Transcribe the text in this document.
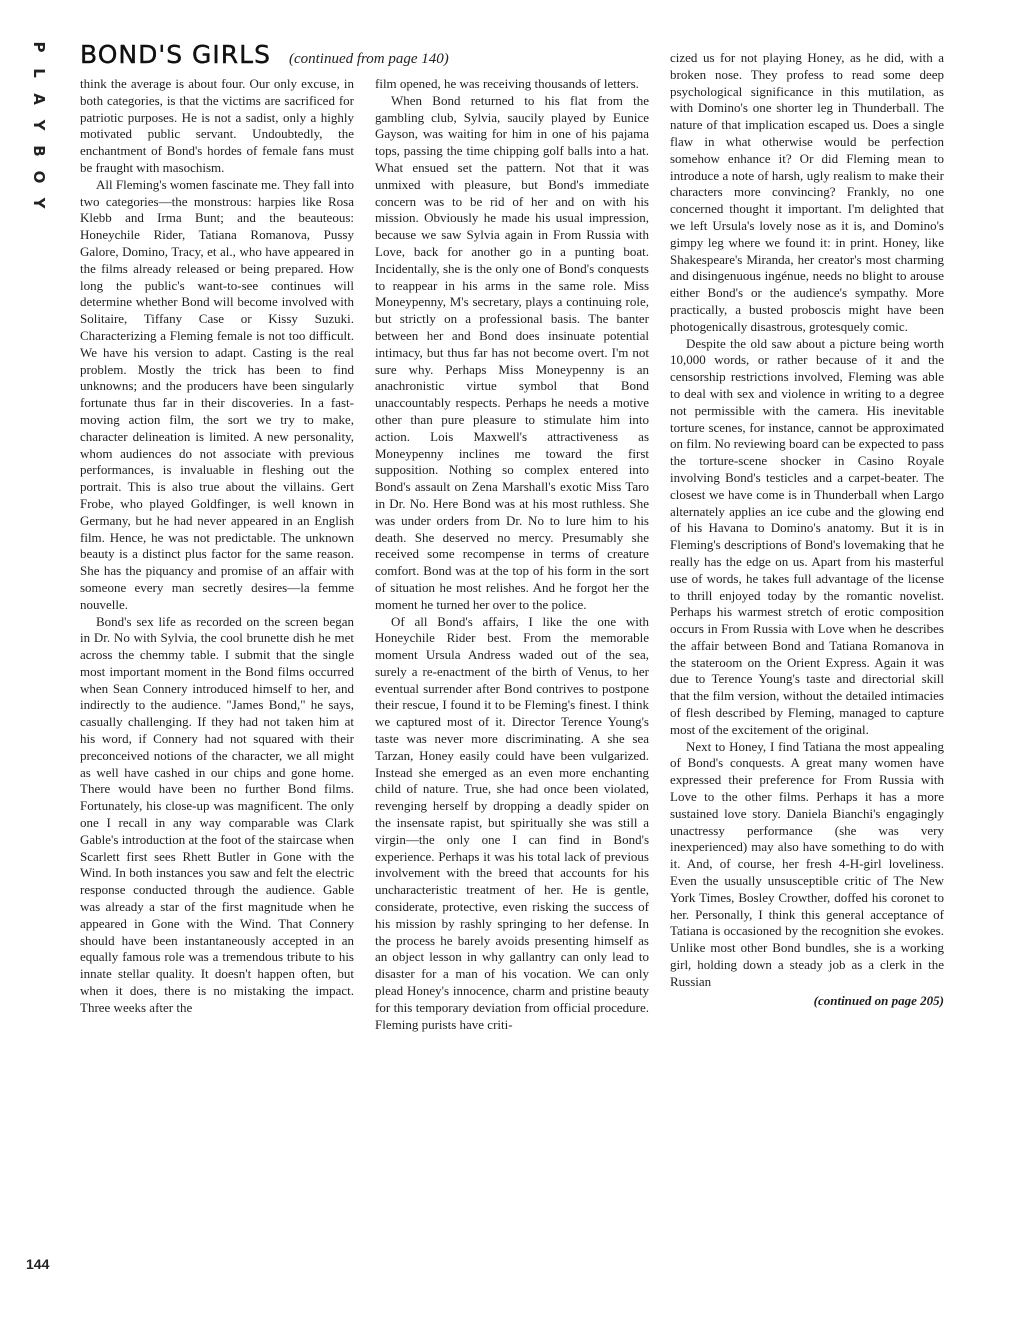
P
L
A
Y
B
O
Y
BOND'S GIRLS (continued from page 140)

think the average is about four. Our only excuse, in both categories, is that the victims are sacrificed for patriotic purposes. He is not a sadist, only a highly motivated public servant. Undoubtedly, the enchantment of Bond's hordes of female fans must be fraught with masochism.

All Fleming's women fascinate me. They fall into two categories—the monstrous: harpies like Rosa Klebb and Irma Bunt; and the beauteous: Honeychile Rider, Tatiana Romanova, Pussy Galore, Domino, Tracy, et al., who have appeared in the films already released or being prepared. How long the public's want-to-see continues will determine whether Bond will become involved with Solitaire, Tiffany Case or Kissy Suzuki. Characterizing a Fleming female is not too difficult. We have his version to adapt. Casting is the real problem. Mostly the trick has been to find unknowns; and the producers have been singularly fortunate thus far in their discoveries. In a fast-moving action film, the sort we try to make, character delineation is limited. A new personality, whom audiences do not associate with previous performances, is invaluable in fleshing out the portrait. This is also true about the villains. Gert Frobe, who played Goldfinger, is well known in Germany, but he had never appeared in an English film. Hence, he was not predictable. The unknown beauty is a distinct plus factor for the same reason. She has the piquancy and promise of an affair with someone every man secretly desires—la femme nouvelle.

Bond's sex life as recorded on the screen began in Dr. No with Sylvia, the cool brunette dish he met across the chemmy table. I submit that the single most important moment in the Bond films occurred when Sean Connery introduced himself to her, and indirectly to the audience. "James Bond," he says, casually challenging. If they had not taken him at his word, if Connery had not squared with their preconceived notions of the character, we all might as well have cashed in our chips and gone home. There would have been no further Bond films. Fortunately, his close-up was magnificent. The only one I recall in any way comparable was Clark Gable's introduction at the foot of the staircase when Scarlett first sees Rhett Butler in Gone with the Wind. In both instances you saw and felt the electric response conducted through the audience. Gable was already a star of the first magnitude when he appeared in Gone with the Wind. That Connery should have been instantaneously accepted in an equally famous role was a tremendous tribute to his innate stellar quality. It doesn't happen often, but when it does, there is no mistaking the impact. Three weeks after the

film opened, he was receiving thousands of letters.

When Bond returned to his flat from the gambling club, Sylvia, saucily played by Eunice Gayson, was waiting for him in one of his pajama tops, passing the time chipping golf balls into a hat. What ensued set the pattern. Not that it was unmixed with pleasure, but Bond's immediate concern was to be rid of her and on with his mission. Obviously he made his usual impression, because we saw Sylvia again in From Russia with Love, back for another go in a punting boat. Incidentally, she is the only one of Bond's conquests to reappear in his arms in the same role. Miss Moneypenny, M's secretary, plays a continuing role, but strictly on a professional basis. The banter between her and Bond does insinuate potential intimacy, but thus far has not become overt. I'm not sure why. Perhaps Miss Moneypenny is an anachronistic virtue symbol that Bond unaccountably respects. Perhaps he needs a motive other than pure pleasure to stimulate him into action. Lois Maxwell's attractiveness as Moneypenny inclines me toward the first supposition. Nothing so complex entered into Bond's assault on Zena Marshall's exotic Miss Taro in Dr. No. Here Bond was at his most ruthless. She was under orders from Dr. No to lure him to his death. She deserved no mercy. Presumably she received some recompense in terms of creature comfort. Bond was at the top of his form in the sort of situation he most relishes. And he forgot her the moment he turned her over to the police.

Of all Bond's affairs, I like the one with Honeychile Rider best. From the memorable moment Ursula Andress waded out of the sea, surely a re-enactment of the birth of Venus, to her eventual surrender after Bond contrives to postpone their rescue, I found it to be Fleming's finest. I think we captured most of it. Director Terence Young's taste was never more discriminating. A she sea Tarzan, Honey easily could have been vulgarized. Instead she emerged as an even more enchanting child of nature. True, she had once been violated, revenging herself by dropping a deadly spider on the insensate rapist, but spiritually she was still a virgin—the only one I can find in Bond's experience. Perhaps it was his total lack of previous involvement with the breed that accounts for his uncharacteristic treatment of her. He is gentle, considerate, protective, even risking the success of his mission by rashly springing to her defense. In the process he barely avoids presenting himself as an object lesson in why gallantry can only lead to disaster for a man of his vocation. We can only plead Honey's innocence, charm and pristine beauty for this temporary deviation from official procedure. Fleming purists have criti-

cized us for not playing Honey, as he did, with a broken nose. They profess to read some deep psychological significance in this mutilation, as with Domino's one shorter leg in Thunderball. The nature of that implication escaped us. Does a single flaw in what otherwise would be perfection somehow enhance it? Or did Fleming mean to introduce a note of harsh, ugly realism to make their characters more convincing? Frankly, no one concerned thought it important. I'm delighted that we left Ursula's lovely nose as it is, and Domino's gimpy leg where we found it: in print. Honey, like Shakespeare's Miranda, her creator's most charming and disingenuous ingénue, needs no blight to arouse either Bond's or the audience's sympathy. More practically, a busted proboscis might have been photogenically disastrous, grotesquely comic.

Despite the old saw about a picture being worth 10,000 words, or rather because of it and the censorship restrictions involved, Fleming was able to deal with sex and violence in writing to a degree not permissible with the camera. His inevitable torture scenes, for instance, cannot be approximated on film. No reviewing board can be expected to pass the torture-scene shocker in Casino Royale involving Bond's testicles and a carpet-beater. The closest we have come is in Thunderball when Largo alternately applies an ice cube and the glowing end of his Havana to Domino's anatomy. But it is in Fleming's descriptions of Bond's lovemaking that he really has the edge on us. Apart from his masterful use of words, he takes full advantage of the license to thrill enjoyed today by the romantic novelist. Perhaps his warmest stretch of erotic composition occurs in From Russia with Love when he describes the affair between Bond and Tatiana Romanova in the stateroom on the Orient Express. Again it was due to Terence Young's taste and directorial skill that the film version, without the detailed intimacies of flesh described by Fleming, managed to capture most of the excitement of the original.

Next to Honey, I find Tatiana the most appealing of Bond's conquests. A great many women have expressed their preference for From Russia with Love to the other films. Perhaps it has a more sustained love story. Daniela Bianchi's engagingly unactressy performance (she was very inexperienced) may also have something to do with it. And, of course, her fresh 4-H-girl loveliness. Even the usually unsusceptible critic of The New York Times, Bosley Crowther, doffed his coronet to her. Personally, I think this general acceptance of Tatiana is occasioned by the recognition she evokes. Unlike most other Bond bundles, she is a working girl, holding down a steady job as a clerk in the Russian

(continued on page 205)
144
